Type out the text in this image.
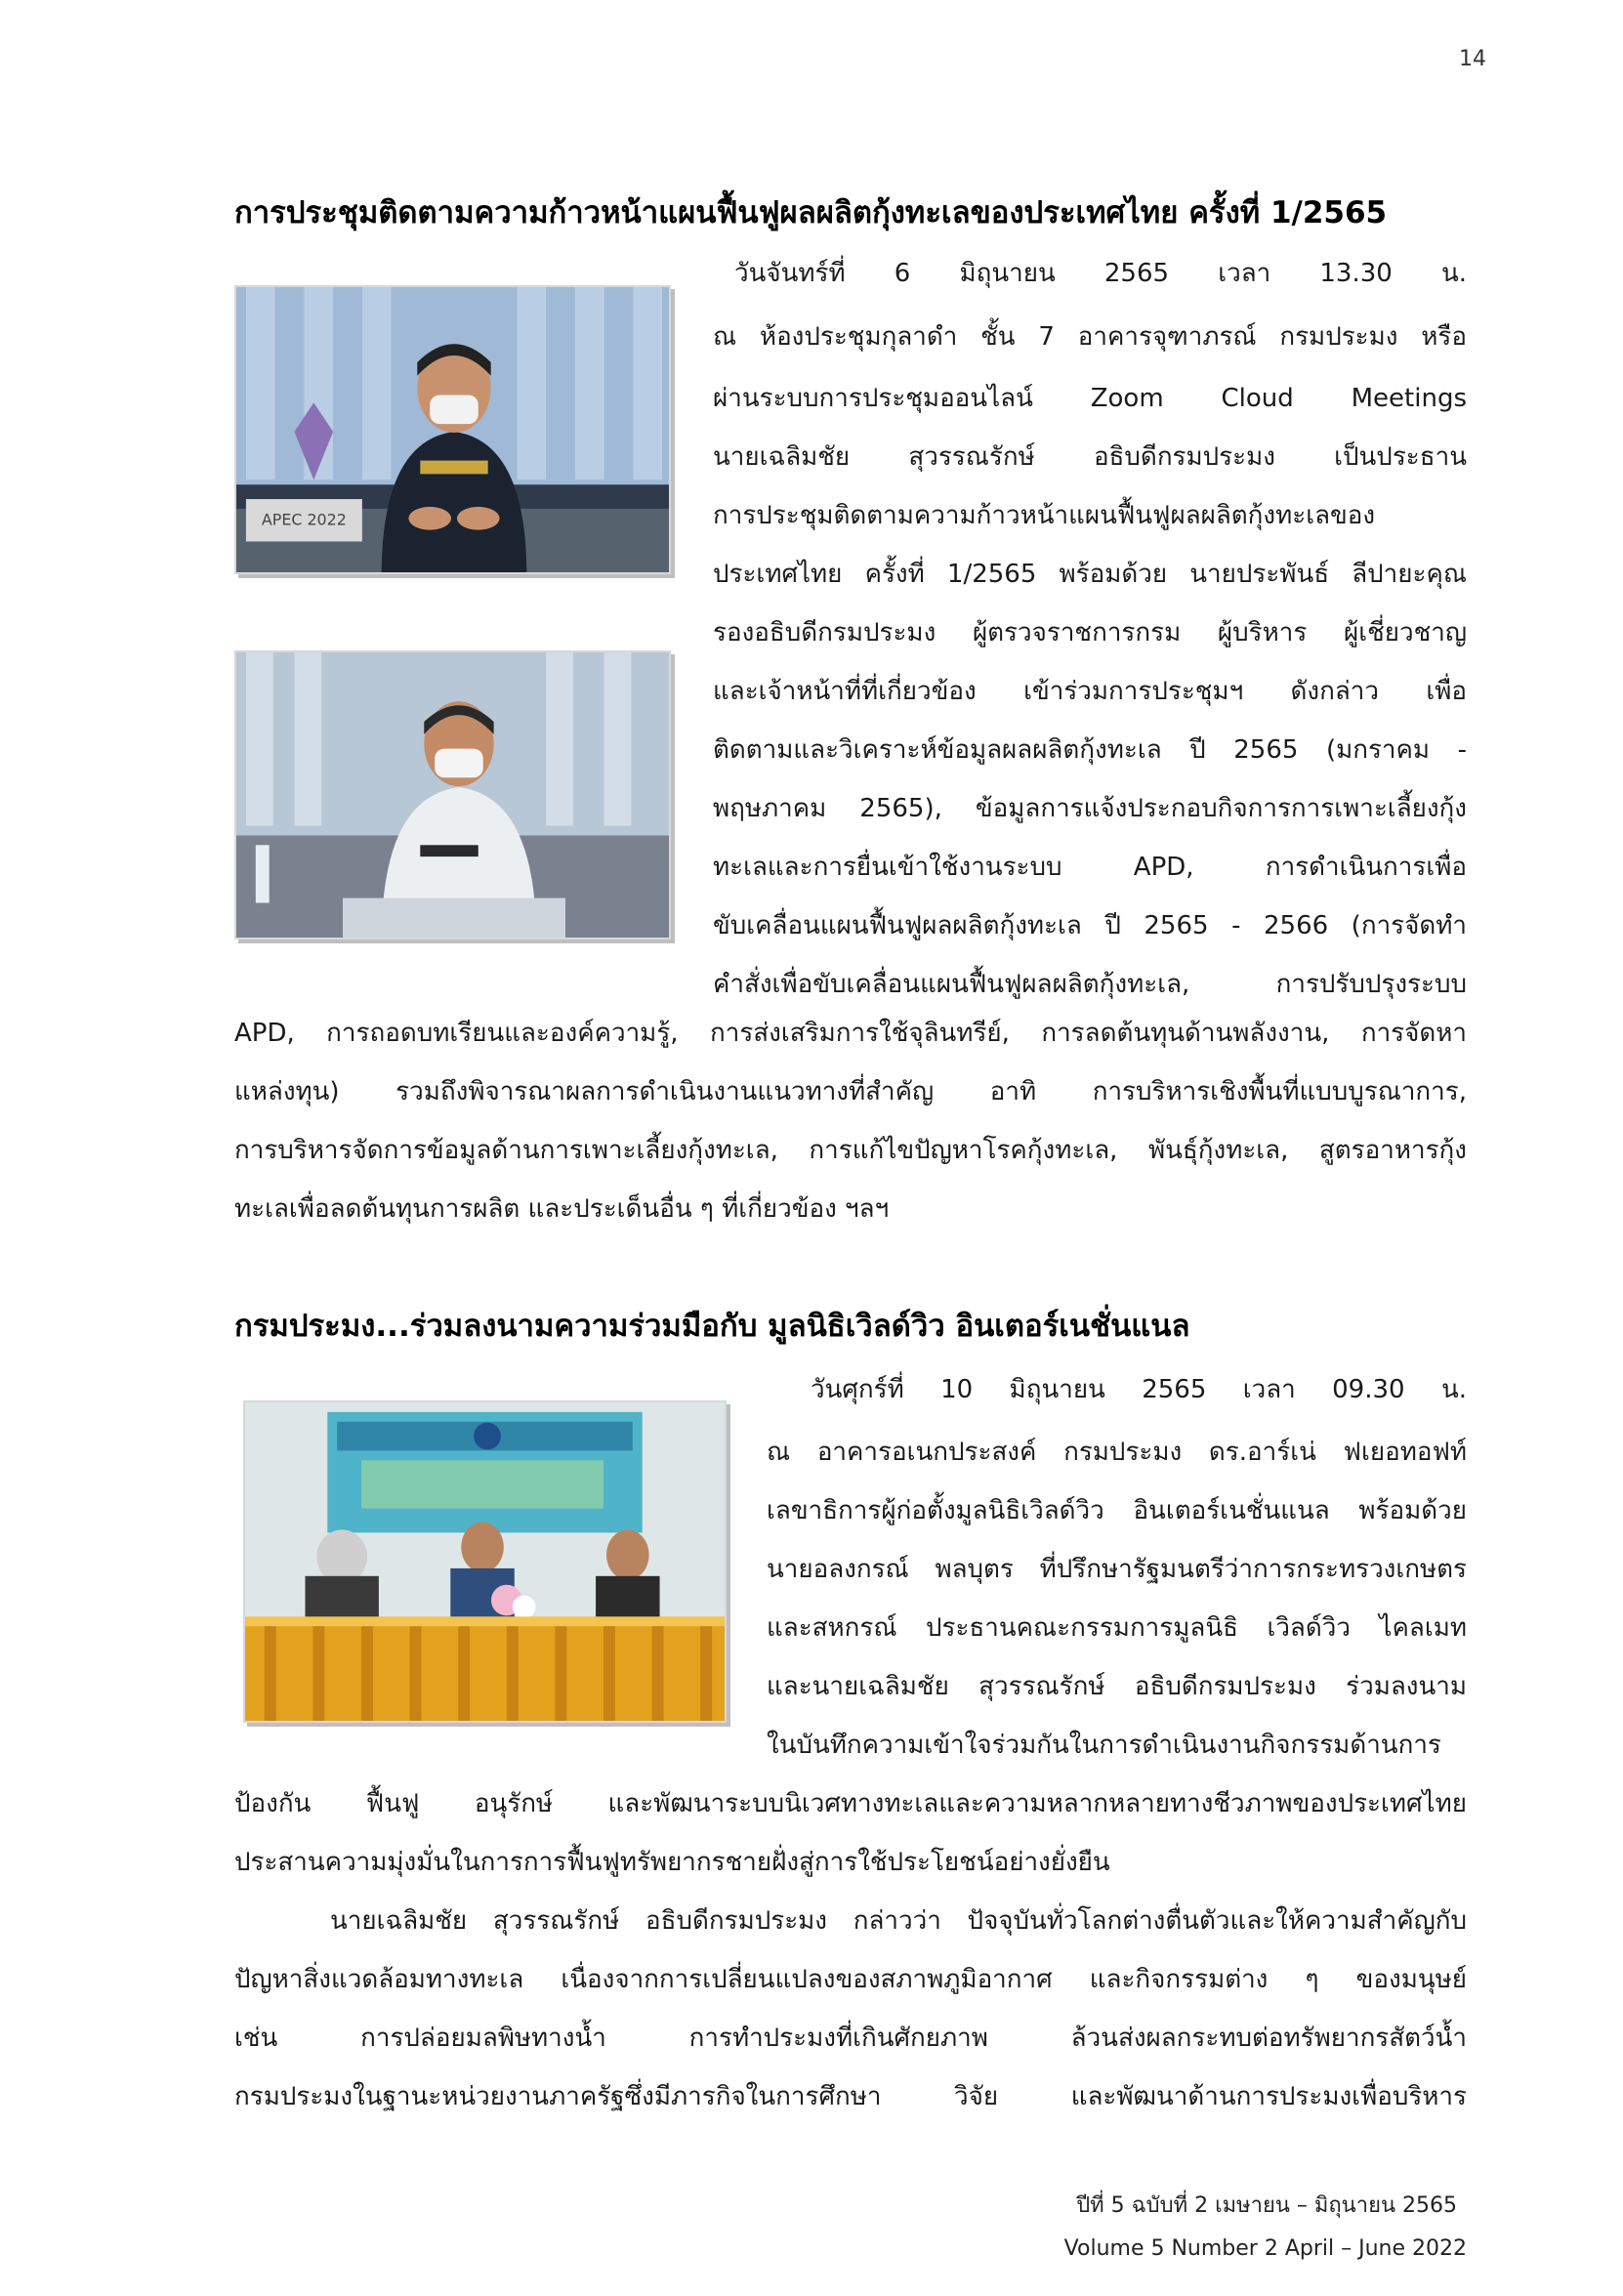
14
การประชุมติดตามความก้าวหน้าแผนฟื้นฟูผลผลิตกุ้งทะเลของประเทศไทย ครั้งที่ 1/2565
APEC 2022
วันจันทร์ที่ 6 มิถุนายน 2565 เวลา 13.30 น.
ณ ห้องประชุมกุลาดำ ชั้น 7 อาคารจุฑาภรณ์ กรมประมง หรือ
ผ่านระบบการประชุมออนไลน์ Zoom Cloud Meetings
นายเฉลิมชัย สุวรรณรักษ์ อธิบดีกรมประมง เป็นประธาน
การประชุมติดตามความก้าวหน้าแผนฟื้นฟูผลผลิตกุ้งทะเลของ
ประเทศไทย ครั้งที่ 1/2565 พร้อมด้วย นายประพันธ์ ลีปายะคุณ
รองอธิบดีกรมประมง ผู้ตรวจราชการกรม ผู้บริหาร ผู้เชี่ยวชาญ
และเจ้าหน้าที่ที่เกี่ยวข้อง เข้าร่วมการประชุมฯ ดังกล่าว เพื่อ
ติดตามและวิเคราะห์ข้อมูลผลผลิตกุ้งทะเล ปี 2565 (มกราคม -
พฤษภาคม 2565), ข้อมูลการแจ้งประกอบกิจการการเพาะเลี้ยงกุ้ง
ทะเลและการยื่นเข้าใช้งานระบบ APD, การดำเนินการเพื่อ
ขับเคลื่อนแผนฟื้นฟูผลผลิตกุ้งทะเล ปี 2565 - 2566 (การจัดทำ
คำสั่งเพื่อขับเคลื่อนแผนฟื้นฟูผลผลิตกุ้งทะเล, การปรับปรุงระบบ
APD, การถอดบทเรียนและองค์ความรู้, การส่งเสริมการใช้จุลินทรีย์, การลดต้นทุนด้านพลังงาน, การจัดหา
แหล่งทุน) รวมถึงพิจารณาผลการดำเนินงานแนวทางที่สำคัญ อาทิ การบริหารเชิงพื้นที่แบบบูรณาการ,
การบริหารจัดการข้อมูลด้านการเพาะเลี้ยงกุ้งทะเล, การแก้ไขปัญหาโรคกุ้งทะเล, พันธุ์กุ้งทะเล, สูตรอาหารกุ้ง
ทะเลเพื่อลดต้นทุนการผลิต และประเด็นอื่น ๆ ที่เกี่ยวข้อง ฯลฯ
กรมประมง...ร่วมลงนามความร่วมมือกับ มูลนิธิเวิลด์วิว อินเตอร์เนชั่นแนล
วันศุกร์ที่ 10 มิถุนายน 2565 เวลา 09.30 น.
ณ อาคารอเนกประสงค์ กรมประมง ดร.อาร์เน่ ฟเยอทอฟท์
เลขาธิการผู้ก่อตั้งมูลนิธิเวิลด์วิว อินเตอร์เนชั่นแนล พร้อมด้วย
นายอลงกรณ์ พลบุตร ที่ปรึกษารัฐมนตรีว่าการกระทรวงเกษตร
และสหกรณ์ ประธานคณะกรรมการมูลนิธิ เวิลด์วิว ไคลเมท
และนายเฉลิมชัย สุวรรณรักษ์ อธิบดีกรมประมง ร่วมลงนาม
ในบันทึกความเข้าใจร่วมกันในการดำเนินงานกิจกรรมด้านการ
ป้องกัน ฟื้นฟู อนุรักษ์ และพัฒนาระบบนิเวศทางทะเลและความหลากหลายทางชีวภาพของประเทศไทย
ประสานความมุ่งมั่นในการการฟื้นฟูทรัพยากรชายฝั่งสู่การใช้ประโยชน์อย่างยั่งยืน
นายเฉลิมชัย สุวรรณรักษ์ อธิบดีกรมประมง กล่าวว่า ปัจจุบันทั่วโลกต่างตื่นตัวและให้ความสำคัญกับ
ปัญหาสิ่งแวดล้อมทางทะเล เนื่องจากการเปลี่ยนแปลงของสภาพภูมิอากาศ และกิจกรรมต่าง ๆ ของมนุษย์
เช่น การปล่อยมลพิษทางน้ำ การทำประมงที่เกินศักยภาพ ล้วนส่งผลกระทบต่อทรัพยากรสัตว์น้ำ
กรมประมงในฐานะหน่วยงานภาครัฐซึ่งมีภารกิจในการศึกษา วิจัย และพัฒนาด้านการประมงเพื่อบริหาร
ปีที่ 5 ฉบับที่ 2 เมษายน – มิถุนายน 2565
Volume 5 Number 2 April – June 2022
